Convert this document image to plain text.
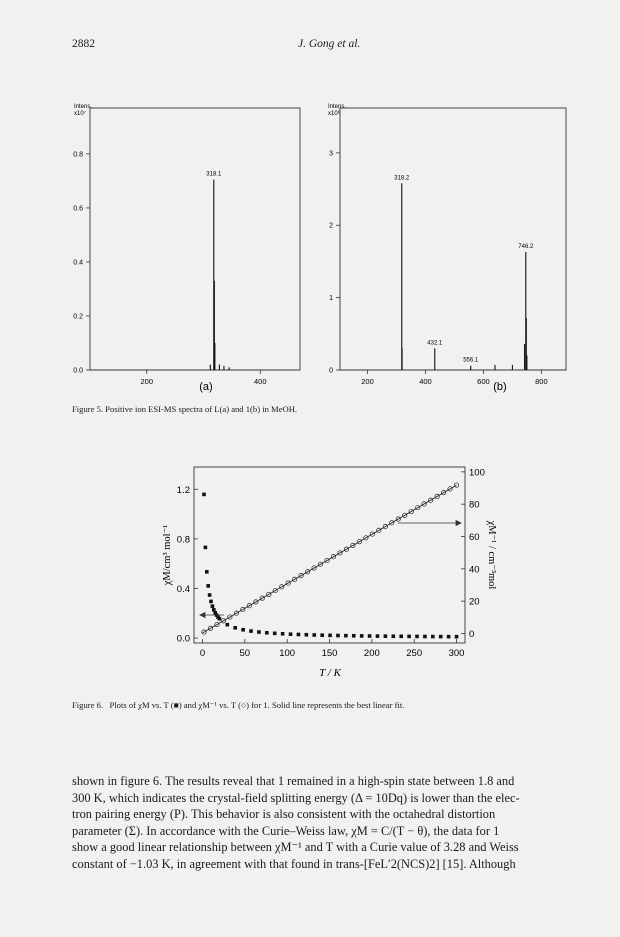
2882	J. Gong et al.
0.0
0.2
0.4
0.6
0.8
200	400
318.1
Intens.
x10⁷
(a)
0
1
2
3
200	400	600	800
318.2
432.1
556.1
746.2
Intens.
x10⁶
(b)
Figure 5. Positive ion ESI-MS spectra of L(a) and 1(b) in MeOH.
0	50	100	150	200	250	300
0.0
0.4
0.8
1.2
0
20
40
60
80
100
χM/cm³ mol⁻¹	χM⁻¹ / cm⁻³mol
T / K
Figure 6. Plots of χM vs. T (■) and χM⁻¹ vs. T (○) for 1. Solid line represents the best linear fit.
shown in figure 6. The results reveal that 1 remained in a high-spin state between 1.8 and
300 K, which indicates the crystal-field splitting energy (Δ = 10Dq) is lower than the elec-
tron pairing energy (P). This behavior is also consistent with the octahedral distortion
parameter (Σ). In accordance with the Curie–Weiss law, χM = C/(T − θ), the data for 1
show a good linear relationship between χM⁻¹ and T with a Curie value of 3.28 and Weiss
constant of −1.03 K, in agreement with that found in trans-[FeL′2(NCS)2] [15]. Although
